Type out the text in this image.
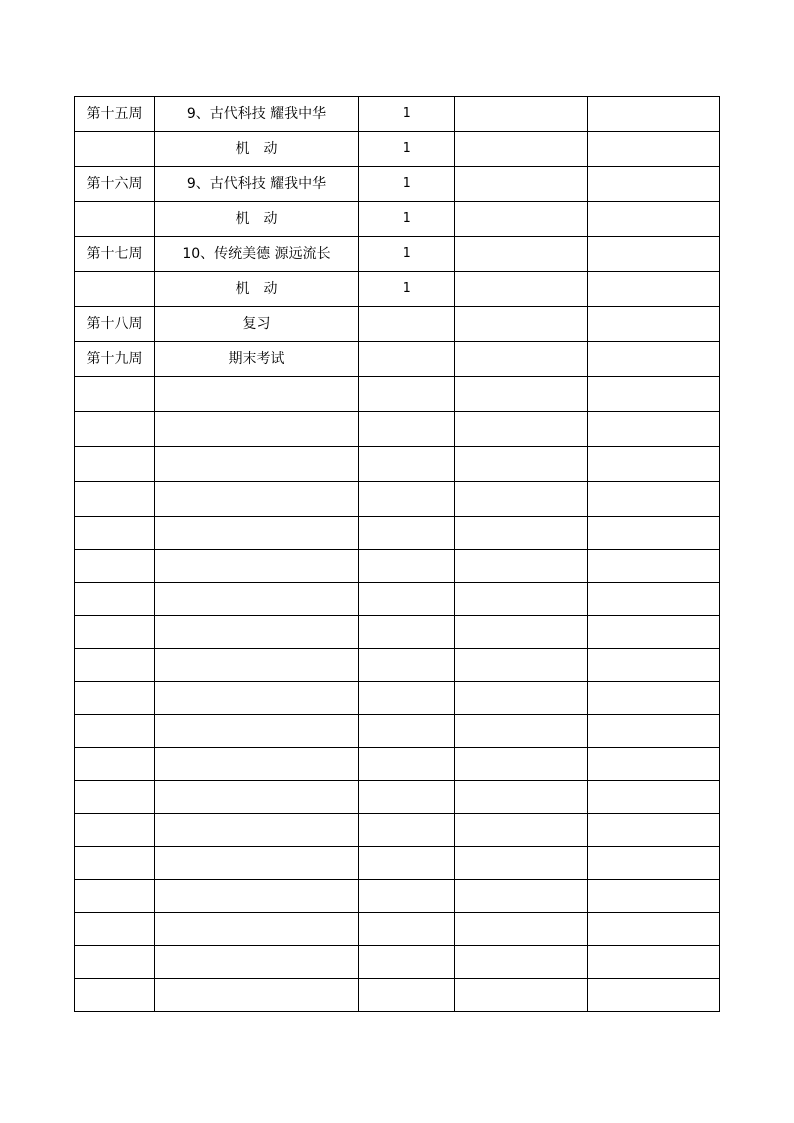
第十五周	9、古代科技 耀我中华	1		
	机　动	1		
第十六周	9、古代科技 耀我中华	1		
	机　动	1		
第十七周	10、传统美德 源远流长	1		
	机　动	1		
第十八周	复习			
第十九周	期末考试			
